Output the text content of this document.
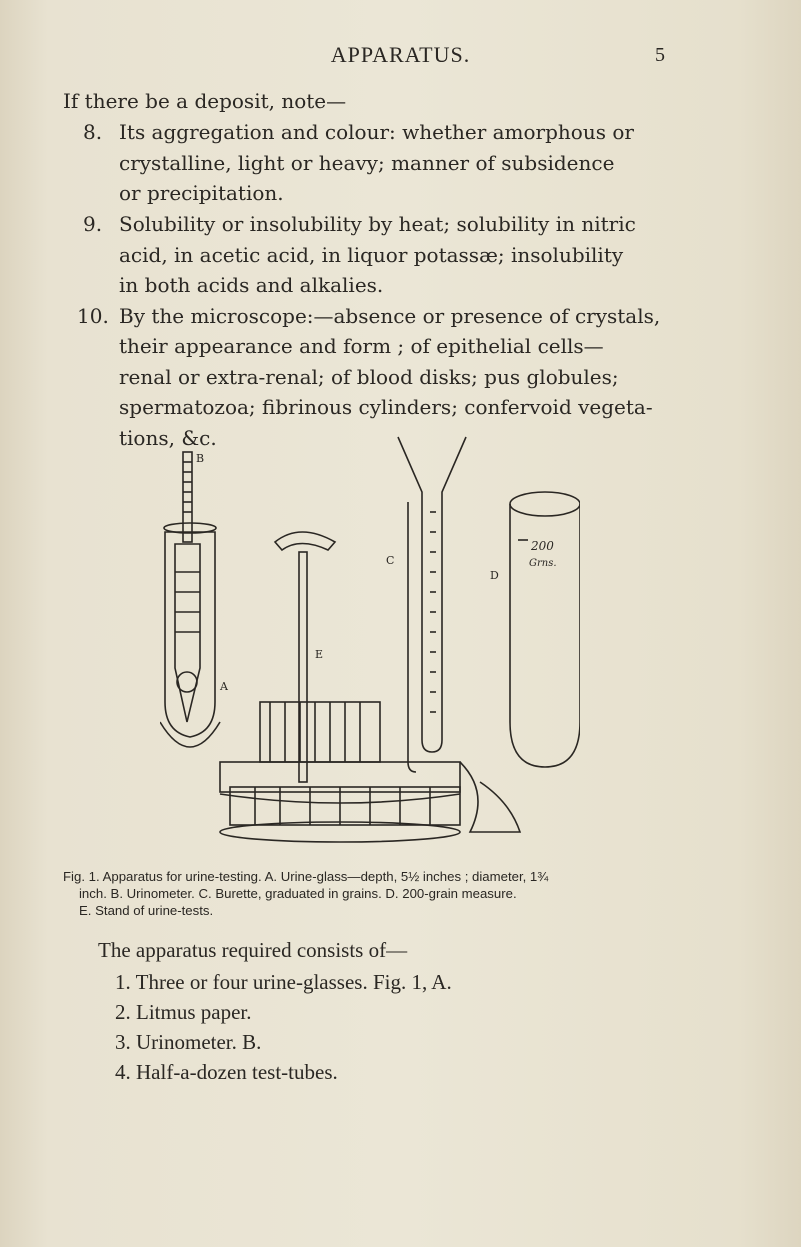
APPARATUS.	5
If there be a deposit, note—
8. Its aggregation and colour: whether amorphous or
crystalline, light or heavy; manner of subsidence
or precipitation.
9. Solubility or insolubility by heat; solubility in nitric
acid, in acetic acid, in liquor potassæ; insolubility
in both acids and alkalies.
10. By the microscope:—absence or presence of crystals,
their appearance and form ; of epithelial cells—
renal or extra-renal; of blood disks; pus globules;
spermatozoa; fibrinous cylinders; confervoid vegeta-
tions, &c.
B
A
C
D
E
200
Grns.
Fig. 1. Apparatus for urine-testing. A. Urine-glass—depth, 5½ inches ; diameter, 1¾
inch. B. Urinometer. C. Burette, graduated in grains. D. 200-grain measure.
E. Stand of urine-tests.
The apparatus required consists of—
1. Three or four urine-glasses. Fig. 1, A.
2. Litmus paper.
3. Urinometer. B.
4. Half-a-dozen test-tubes.
